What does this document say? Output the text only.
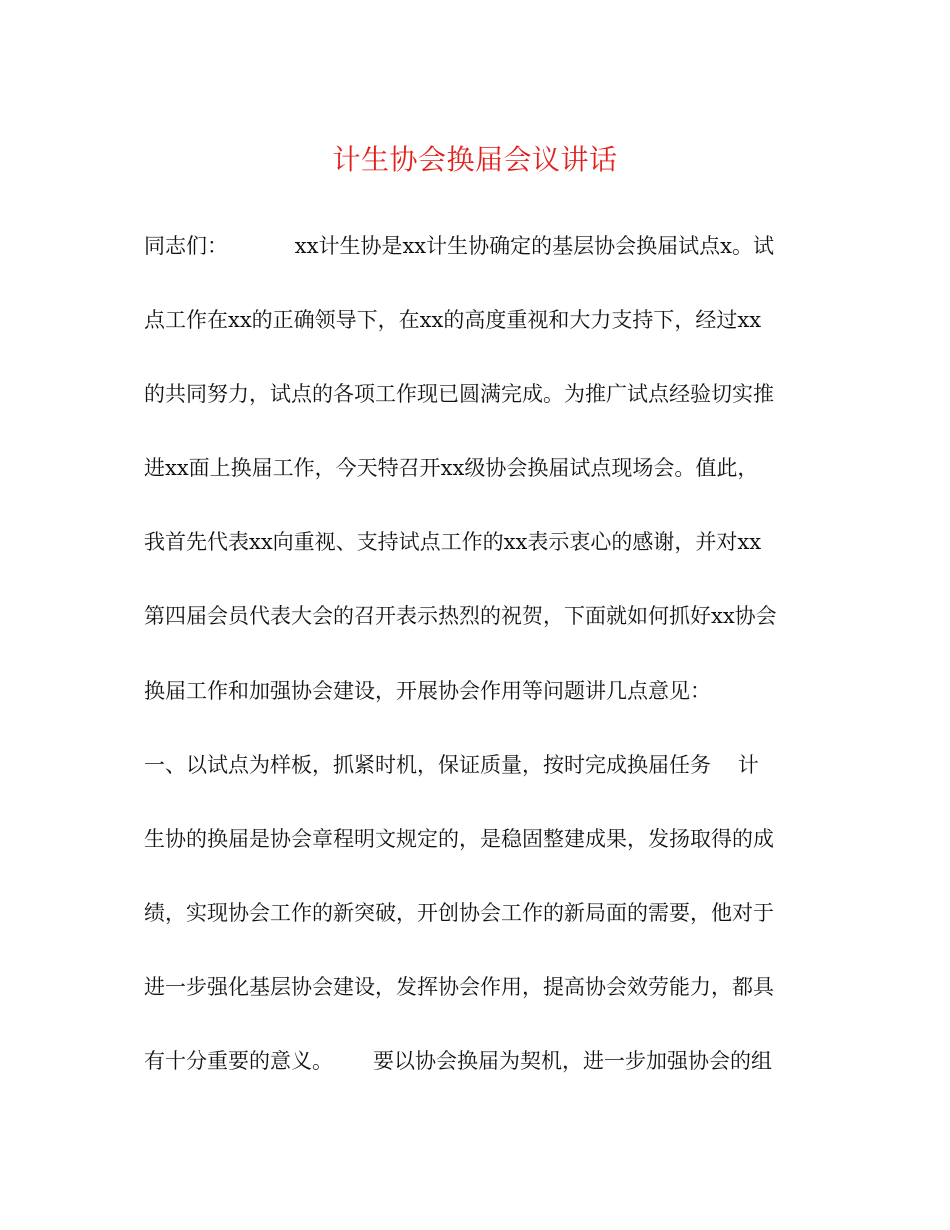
计生协会换届会议讲话
同志们：          xx计生协是xx计生协确定的基层协会换届试点x。试
点工作在xx的正确领导下，在xx的高度重视和大力支持下，经过xx
的共同努力，试点的各项工作现已圆满完成。为推广试点经验切实推
进xx面上换届工作，今天特召开xx级协会换届试点现场会。值此，
我首先代表xx向重视、支持试点工作的xx表示衷心的感谢，并对xx
第四届会员代表大会的召开表示热烈的祝贺，下面就如何抓好xx协会
换届工作和加强协会建设，开展协会作用等问题讲几点意见：
一、以试点为样板，抓紧时机，保证质量，按时完成换届任务    计
生协的换届是协会章程明文规定的，是稳固整建成果，发扬取得的成
绩，实现协会工作的新突破，开创协会工作的新局面的需要，他对于
进一步强化基层协会建设，发挥协会作用，提高协会效劳能力，都具
有十分重要的意义。      要以协会换届为契机，进一步加强协会的组
